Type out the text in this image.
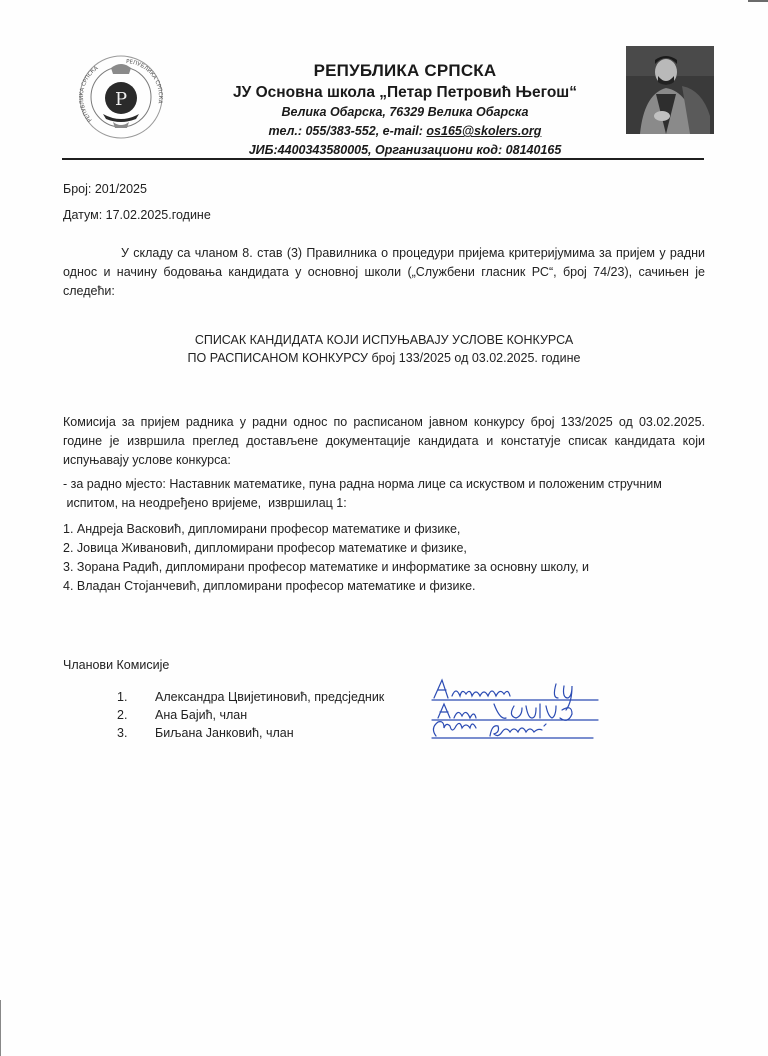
Р
РЕПУБЛИКА СРПСКА
РЕПУБЛИКА СРПСКА
РЕПУБЛИКА СРПСКА
ЈУ Основна школа „Петар Петровић Његош“
Велика Обарска, 76329 Велика Обарска
тел.: 055/383-552, e-mail: os165@skolers.org
ЈИБ:4400343580005, Организациони код: 08140165
Број: 201/2025
Датум: 17.02.2025.године
У складу са чланом 8. став (3) Правилника о процедури пријема критеријумима за пријем у радни однос и начину бодовања кандидата у основној школи („Службени гласник РС“, број 74/23), сачињен је следећи:
СПИСАК КАНДИДАТА КОЈИ ИСПУЊАВАЈУ УСЛОВЕ КОНКУРСА
ПО РАСПИСАНОМ КОНКУРСУ број 133/2025 од 03.02.2025. године
Комисија за пријем радника у радни однос по расписаном јавном конкурсу број 133/2025 од 03.02.2025. године је извршила преглед достављене документације кандидата и констатује списак кандидата који испуњавају услове конкурса:
- за радно мјесто: Наставник математике, пуна радна норма лице са искуством и положеним стручним
испитом, на неодређено вријеме,  извршилац 1:
1. Андреја Васковић, дипломирани професор математике и физике,
2. Јовица Живановић, дипломирани професор математике и физике,
3. Зорана Радић, дипломирани професор математике и информатике за основну школу, и
4. Владан Стојанчевић, дипломирани професор математике и физике.
Чланови Комисије
1.	Александра Цвијетиновић, предсједник
2.	Ана Бајић, члан
3.	Биљана Јанковић, члан
